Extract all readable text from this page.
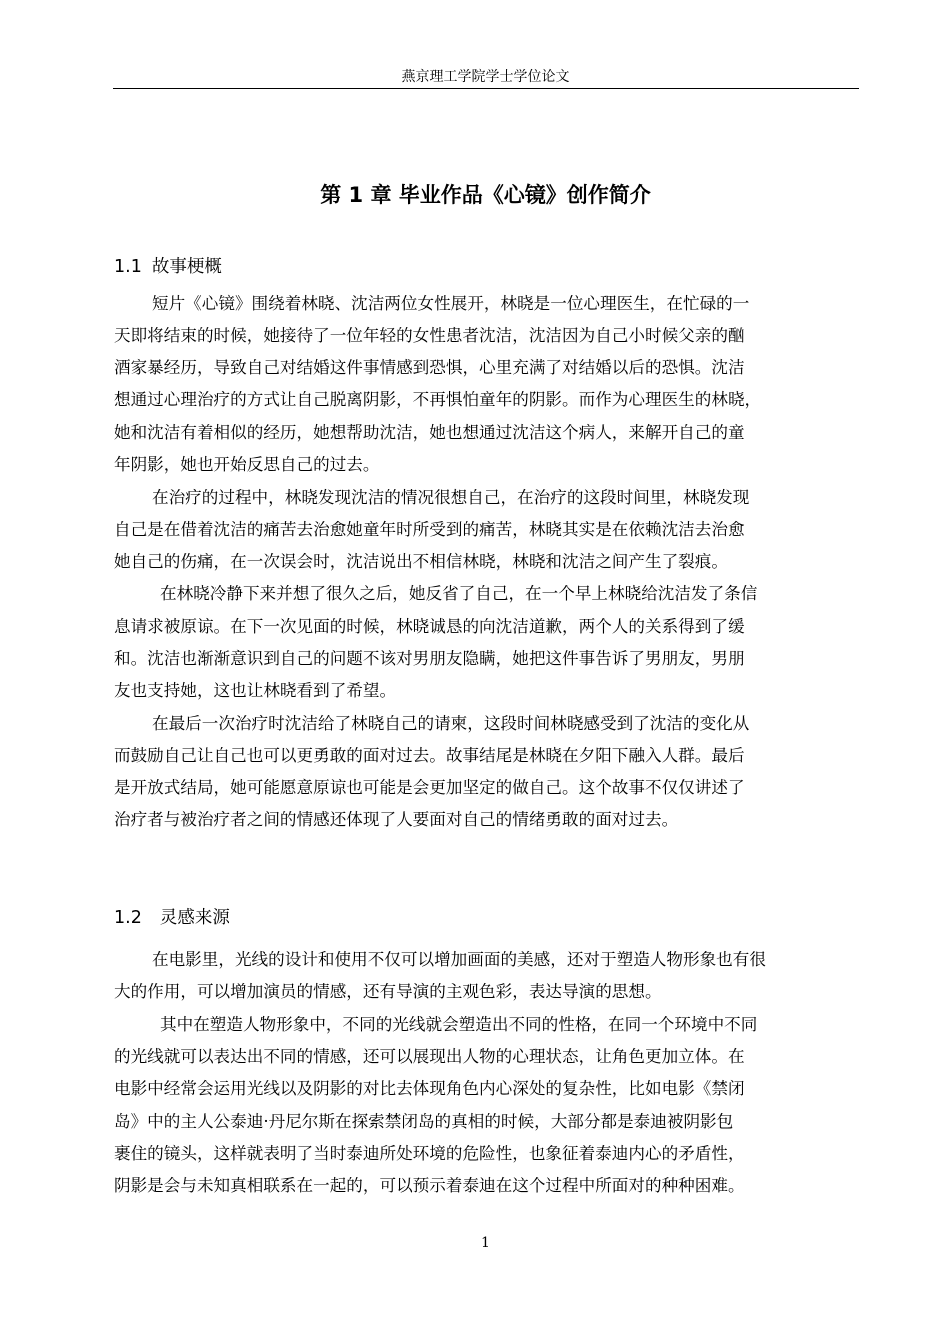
燕京理工学院学士学位论文
第 1 章 毕业作品《心镜》创作简介
1.1 故事梗概
短片《心镜》围绕着林晓、沈洁两位女性展开，林晓是一位心理医生，在忙碌的一
天即将结束的时候，她接待了一位年轻的女性患者沈洁，沈洁因为自己小时候父亲的酗
酒家暴经历，导致自己对结婚这件事情感到恐惧，心里充满了对结婚以后的恐惧。沈洁
想通过心理治疗的方式让自己脱离阴影，不再惧怕童年的阴影。而作为心理医生的林晓，
她和沈洁有着相似的经历，她想帮助沈洁，她也想通过沈洁这个病人，来解开自己的童
年阴影，她也开始反思自己的过去。
在治疗的过程中，林晓发现沈洁的情况很想自己，在治疗的这段时间里，林晓发现
自己是在借着沈洁的痛苦去治愈她童年时所受到的痛苦，林晓其实是在依赖沈洁去治愈
她自己的伤痛，在一次误会时，沈洁说出不相信林晓，林晓和沈洁之间产生了裂痕。
在林晓冷静下来并想了很久之后，她反省了自己，在一个早上林晓给沈洁发了条信
息请求被原谅。在下一次见面的时候，林晓诚恳的向沈洁道歉，两个人的关系得到了缓
和。沈洁也渐渐意识到自己的问题不该对男朋友隐瞒，她把这件事告诉了男朋友，男朋
友也支持她，这也让林晓看到了希望。
在最后一次治疗时沈洁给了林晓自己的请柬，这段时间林晓感受到了沈洁的变化从
而鼓励自己让自己也可以更勇敢的面对过去。故事结尾是林晓在夕阳下融入人群。最后
是开放式结局，她可能愿意原谅也可能是会更加坚定的做自己。这个故事不仅仅讲述了
治疗者与被治疗者之间的情感还体现了人要面对自己的情绪勇敢的面对过去。
1.2 灵感来源
在电影里，光线的设计和使用不仅可以增加画面的美感，还对于塑造人物形象也有很
大的作用，可以增加演员的情感，还有导演的主观色彩，表达导演的思想。
其中在塑造人物形象中，不同的光线就会塑造出不同的性格，在同一个环境中不同
的光线就可以表达出不同的情感，还可以展现出人物的心理状态，让角色更加立体。在
电影中经常会运用光线以及阴影的对比去体现角色内心深处的复杂性，比如电影《禁闭
岛》中的主人公泰迪·丹尼尔斯在探索禁闭岛的真相的时候，大部分都是泰迪被阴影包
裹住的镜头，这样就表明了当时泰迪所处环境的危险性，也象征着泰迪内心的矛盾性，
阴影是会与未知真相联系在一起的，可以预示着泰迪在这个过程中所面对的种种困难。
1
